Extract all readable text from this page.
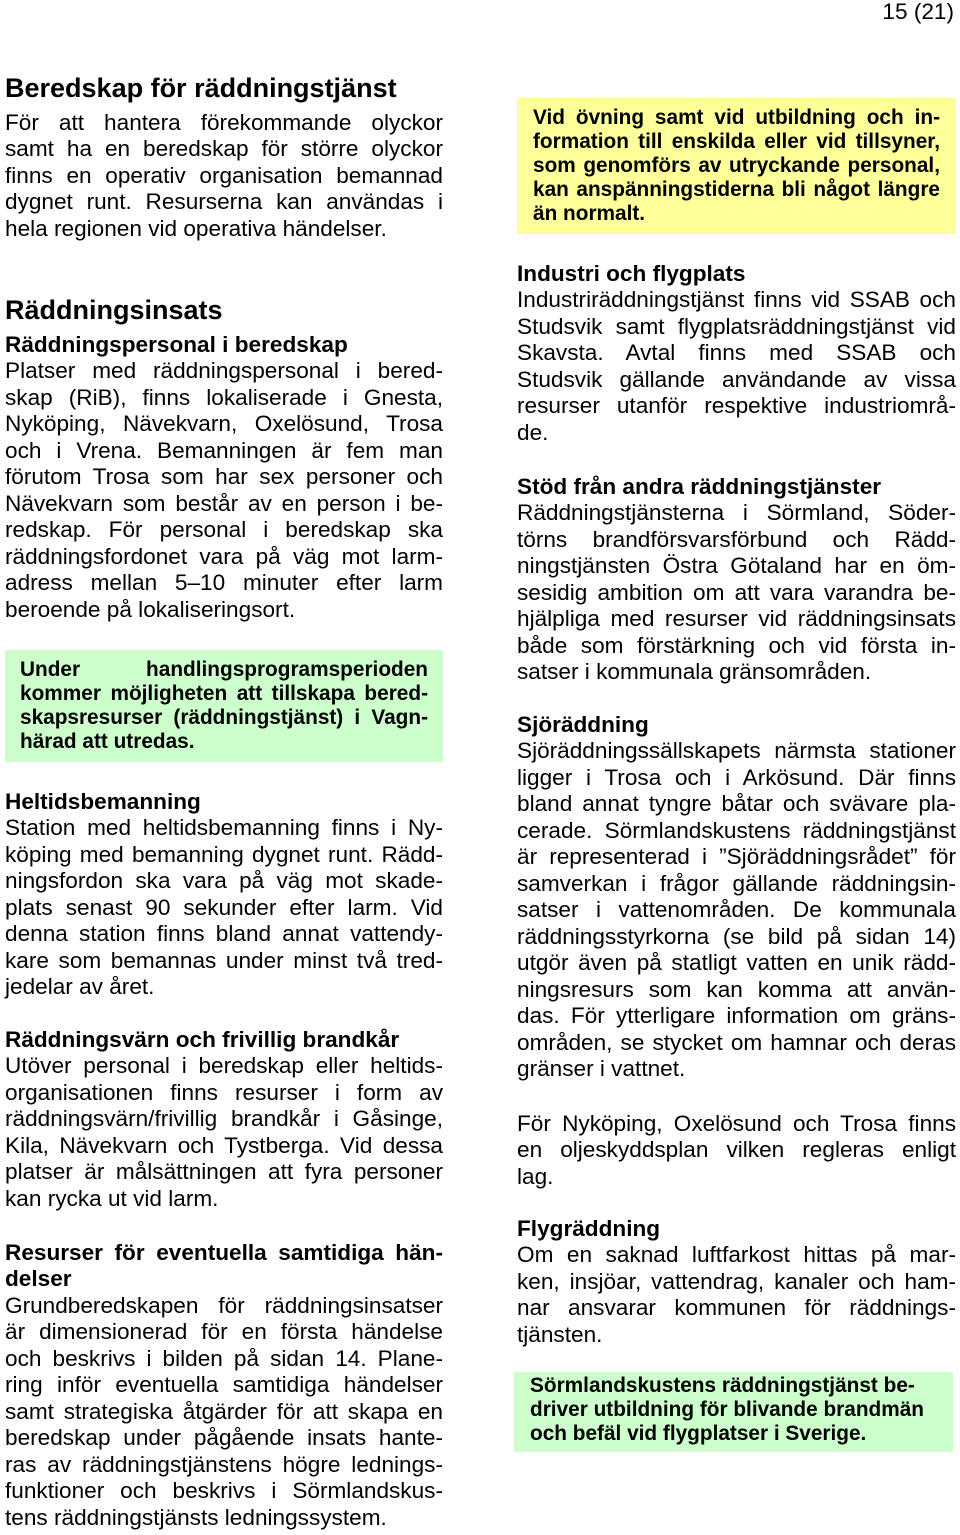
15 (21)
Beredskap för räddningstjänst
För att hantera förekommande olyckor
samt ha en beredskap för större olyckor
finns en operativ organisation bemannad
dygnet runt. Resurserna kan användas i
hela regionen vid operativa händelser.
Räddningsinsats
Räddningspersonal i beredskap
Platser med räddningspersonal i bered-
skap (RiB), finns lokaliserade i Gnesta,
Nyköping, Nävekvarn, Oxelösund, Trosa
och i Vrena. Bemanningen är fem man
förutom Trosa som har sex personer och
Nävekvarn som består av en person i be-
redskap. För personal i beredskap ska
räddningsfordonet vara på väg mot larm-
adress mellan 5–10 minuter efter larm
beroende på lokaliseringsort.
Under handlingsprogramsperioden
kommer möjligheten att tillskapa bered-
skapsresurser (räddningstjänst) i Vagn-
härad att utredas.
Heltidsbemanning
Station med heltidsbemanning finns i Ny-
köping med bemanning dygnet runt. Rädd-
ningsfordon ska vara på väg mot skade-
plats senast 90 sekunder efter larm. Vid
denna station finns bland annat vattendy-
kare som bemannas under minst två tred-
jedelar av året.
Räddningsvärn och frivillig brandkår
Utöver personal i beredskap eller heltids-
organisationen finns resurser i form av
räddningsvärn/frivillig brandkår i Gåsinge,
Kila, Nävekvarn och Tystberga. Vid dessa
platser är målsättningen att fyra personer
kan rycka ut vid larm.
Resurser för eventuella samtidiga hän-
delser
Grundberedskapen för räddningsinsatser
är dimensionerad för en första händelse
och beskrivs i bilden på sidan 14. Plane-
ring inför eventuella samtidiga händelser
samt strategiska åtgärder för att skapa en
beredskap under pågående insats hante-
ras av räddningstjänstens högre lednings-
funktioner och beskrivs i Sörmlandskus-
tens räddningstjänsts ledningssystem.
Vid övning samt vid utbildning och in-
formation till enskilda eller vid tillsyner,
som genomförs av utryckande personal,
kan anspänningstiderna bli något längre
än normalt.
Industri och flygplats
Industriräddningstjänst finns vid SSAB och
Studsvik samt flygplatsräddningstjänst vid
Skavsta. Avtal finns med SSAB och
Studsvik gällande användande av vissa
resurser utanför respektive industriområ-
de.
Stöd från andra räddningstjänster
Räddningstjänsterna i Sörmland, Söder-
törns brandförsvarsförbund och Rädd-
ningstjänsten Östra Götaland har en öm-
sesidig ambition om att vara varandra be-
hjälpliga med resurser vid räddningsinsats
både som förstärkning och vid första in-
satser i kommunala gränsområden.
Sjöräddning
Sjöräddningssällskapets närmsta stationer
ligger i Trosa och i Arkösund. Där finns
bland annat tyngre båtar och svävare pla-
cerade. Sörmlandskustens räddningstjänst
är representerad i ”Sjöräddningsrådet” för
samverkan i frågor gällande räddningsin-
satser i vattenområden. De kommunala
räddningsstyrkorna (se bild på sidan 14)
utgör även på statligt vatten en unik rädd-
ningsresurs som kan komma att använ-
das. För ytterligare information om gräns-
områden, se stycket om hamnar och deras
gränser i vattnet.
För Nyköping, Oxelösund och Trosa finns
en oljeskyddsplan vilken regleras enligt
lag.
Flygräddning
Om en saknad luftfarkost hittas på mar-
ken, insjöar, vattendrag, kanaler och ham-
nar ansvarar kommunen för räddnings-
tjänsten.
Sörmlandskustens räddningstjänst be-
driver utbildning för blivande brandmän
och befäl vid flygplatser i Sverige.
